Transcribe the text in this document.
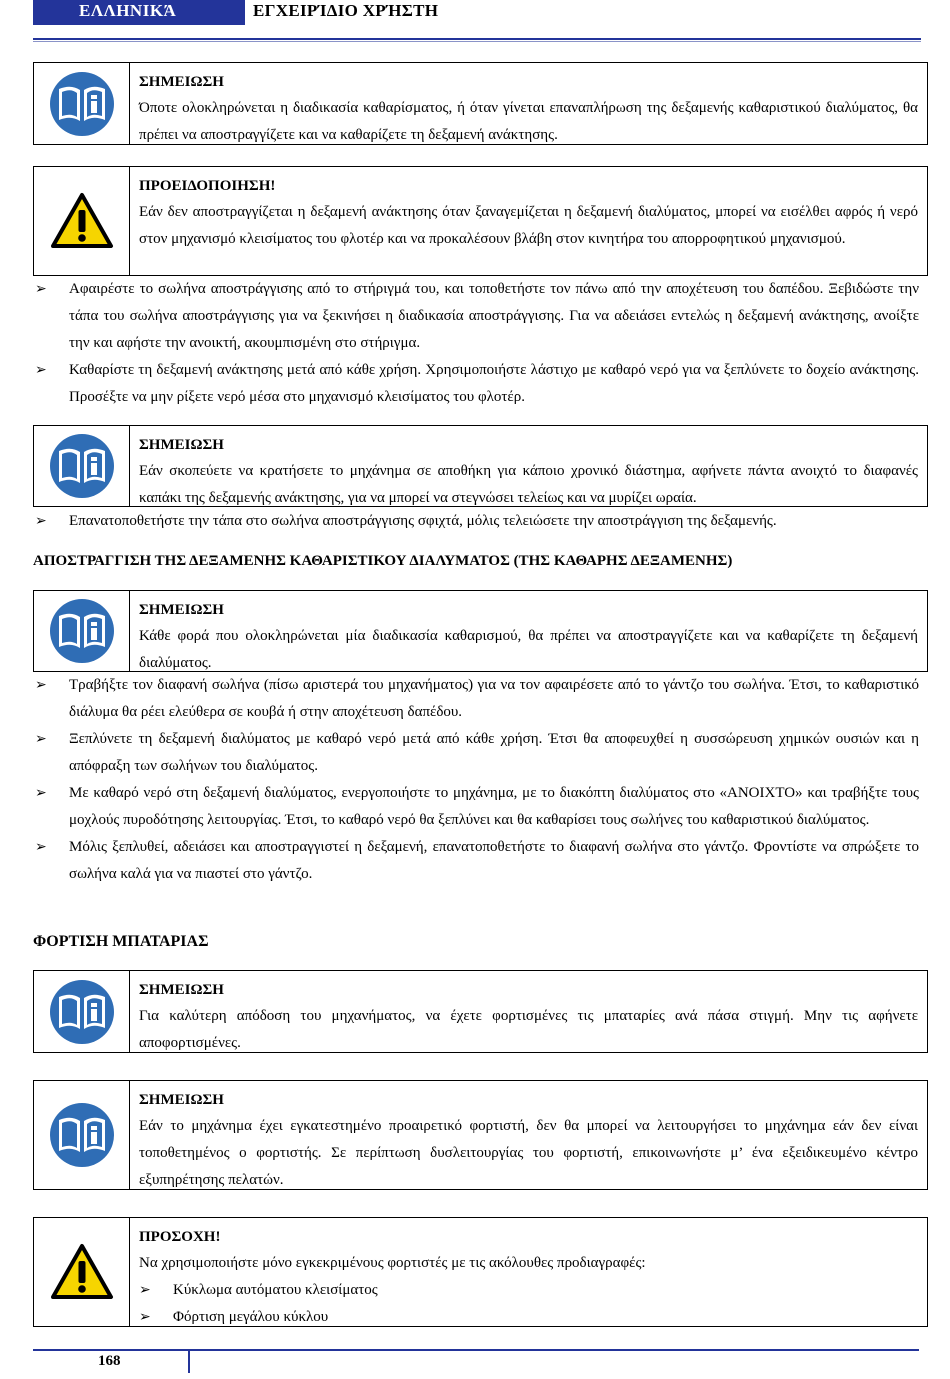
ΕΛΛΗΝΙΚΆ	ΕΓΧΕΙΡΊΔΙΟ ΧΡΉΣΤΗ
ΣΗΜΕΙΩΣΗ
Όποτε ολοκληρώνεται η διαδικασία καθαρίσματος, ή όταν γίνεται επαναπλήρωση της δεξαμενής καθαριστικού διαλύματος, θα πρέπει να αποστραγγίζετε και να καθαρίζετε τη δεξαμενή ανάκτησης.
ΠΡΟΕΙΔΟΠΟΙΗΣΗ!
Εάν δεν αποστραγγίζεται η δεξαμενή ανάκτησης όταν ξαναγεμίζεται η δεξαμενή διαλύματος, μπορεί να εισέλθει αφρός ή νερό στον μηχανισμό κλεισίματος του φλοτέρ και να προκαλέσουν βλάβη στον κινητήρα του απορροφητικού μηχανισμού.
➢ Αφαιρέστε το σωλήνα αποστράγγισης από το στήριγμά του, και τοποθετήστε τον πάνω από την αποχέτευση του δαπέδου. Ξεβιδώστε την τάπα του σωλήνα αποστράγγισης για να ξεκινήσει η διαδικασία αποστράγγισης. Για να αδειάσει εντελώς η δεξαμενή ανάκτησης, ανοίξτε την και αφήστε την ανοικτή, ακουμπισμένη στο στήριγμα.
➢ Καθαρίστε τη δεξαμενή ανάκτησης μετά από κάθε χρήση. Χρησιμοποιήστε λάστιχο με καθαρό νερό για να ξεπλύνετε το δοχείο ανάκτησης. Προσέξτε να μην ρίξετε νερό μέσα στο μηχανισμό κλεισίματος του φλοτέρ.
ΣΗΜΕΙΩΣΗ
Εάν σκοπεύετε να κρατήσετε το μηχάνημα σε αποθήκη για κάποιο χρονικό διάστημα, αφήνετε πάντα ανοιχτό το διαφανές καπάκι της δεξαμενής ανάκτησης, για να μπορεί να στεγνώσει τελείως και να μυρίζει ωραία.
➢ Επανατοποθετήστε την τάπα στο σωλήνα αποστράγγισης σφιχτά, μόλις τελειώσετε την αποστράγγιση της δεξαμενής.
ΑΠΟΣΤΡΑΓΓΙΣΗ ΤΗΣ ΔΕΞΑΜΕΝΗΣ ΚΑΘΑΡΙΣΤΙΚΟΥ ΔΙΑΛΥΜΑΤΟΣ (ΤΗΣ ΚΑΘΑΡΗΣ ΔΕΞΑΜΕΝΗΣ)
ΣΗΜΕΙΩΣΗ
Κάθε φορά που ολοκληρώνεται μία διαδικασία καθαρισμού, θα πρέπει να αποστραγγίζετε και να καθαρίζετε τη δεξαμενή διαλύματος.
➢ Τραβήξτε τον διαφανή σωλήνα (πίσω αριστερά του μηχανήματος) για να τον αφαιρέσετε από το γάντζο του σωλήνα. Έτσι, το καθαριστικό διάλυμα θα ρέει ελεύθερα σε κουβά ή στην αποχέτευση δαπέδου.
➢ Ξεπλύνετε τη δεξαμενή διαλύματος με καθαρό νερό μετά από κάθε χρήση. Έτσι θα αποφευχθεί η συσσώρευση χημικών ουσιών και η απόφραξη των σωλήνων του διαλύματος.
➢ Με καθαρό νερό στη δεξαμενή διαλύματος, ενεργοποιήστε το μηχάνημα, με το διακόπτη διαλύματος στο «ΑΝΟΙΧΤΟ» και τραβήξτε τους μοχλούς πυροδότησης λειτουργίας. Έτσι, το καθαρό νερό θα ξεπλύνει και θα καθαρίσει τους σωλήνες του καθαριστικού διαλύματος.
➢ Μόλις ξεπλυθεί, αδειάσει και αποστραγγιστεί η δεξαμενή, επανατοποθετήστε το διαφανή σωλήνα στο γάντζο. Φροντίστε να σπρώξετε το σωλήνα καλά για να πιαστεί στο γάντζο.
ΦΟΡΤΙΣΗ ΜΠΑΤΑΡΙΑΣ
ΣΗΜΕΙΩΣΗ
Για καλύτερη απόδοση του μηχανήματος, να έχετε φορτισμένες τις μπαταρίες ανά πάσα στιγμή. Μην τις αφήνετε αποφορτισμένες.
ΣΗΜΕΙΩΣΗ
Εάν το μηχάνημα έχει εγκατεστημένο προαιρετικό φορτιστή, δεν θα μπορεί να λειτουργήσει το μηχάνημα εάν δεν είναι τοποθετημένος ο φορτιστής. Σε περίπτωση δυσλειτουργίας του φορτιστή, επικοινωνήστε μ’ ένα εξειδικευμένο κέντρο εξυπηρέτησης πελατών.
ΠΡΟΣΟΧΗ!
Να χρησιμοποιήστε μόνο εγκεκριμένους φορτιστές με τις ακόλουθες προδιαγραφές:
➢ Κύκλωμα αυτόματου κλεισίματος
➢ Φόρτιση μεγάλου κύκλου
168
